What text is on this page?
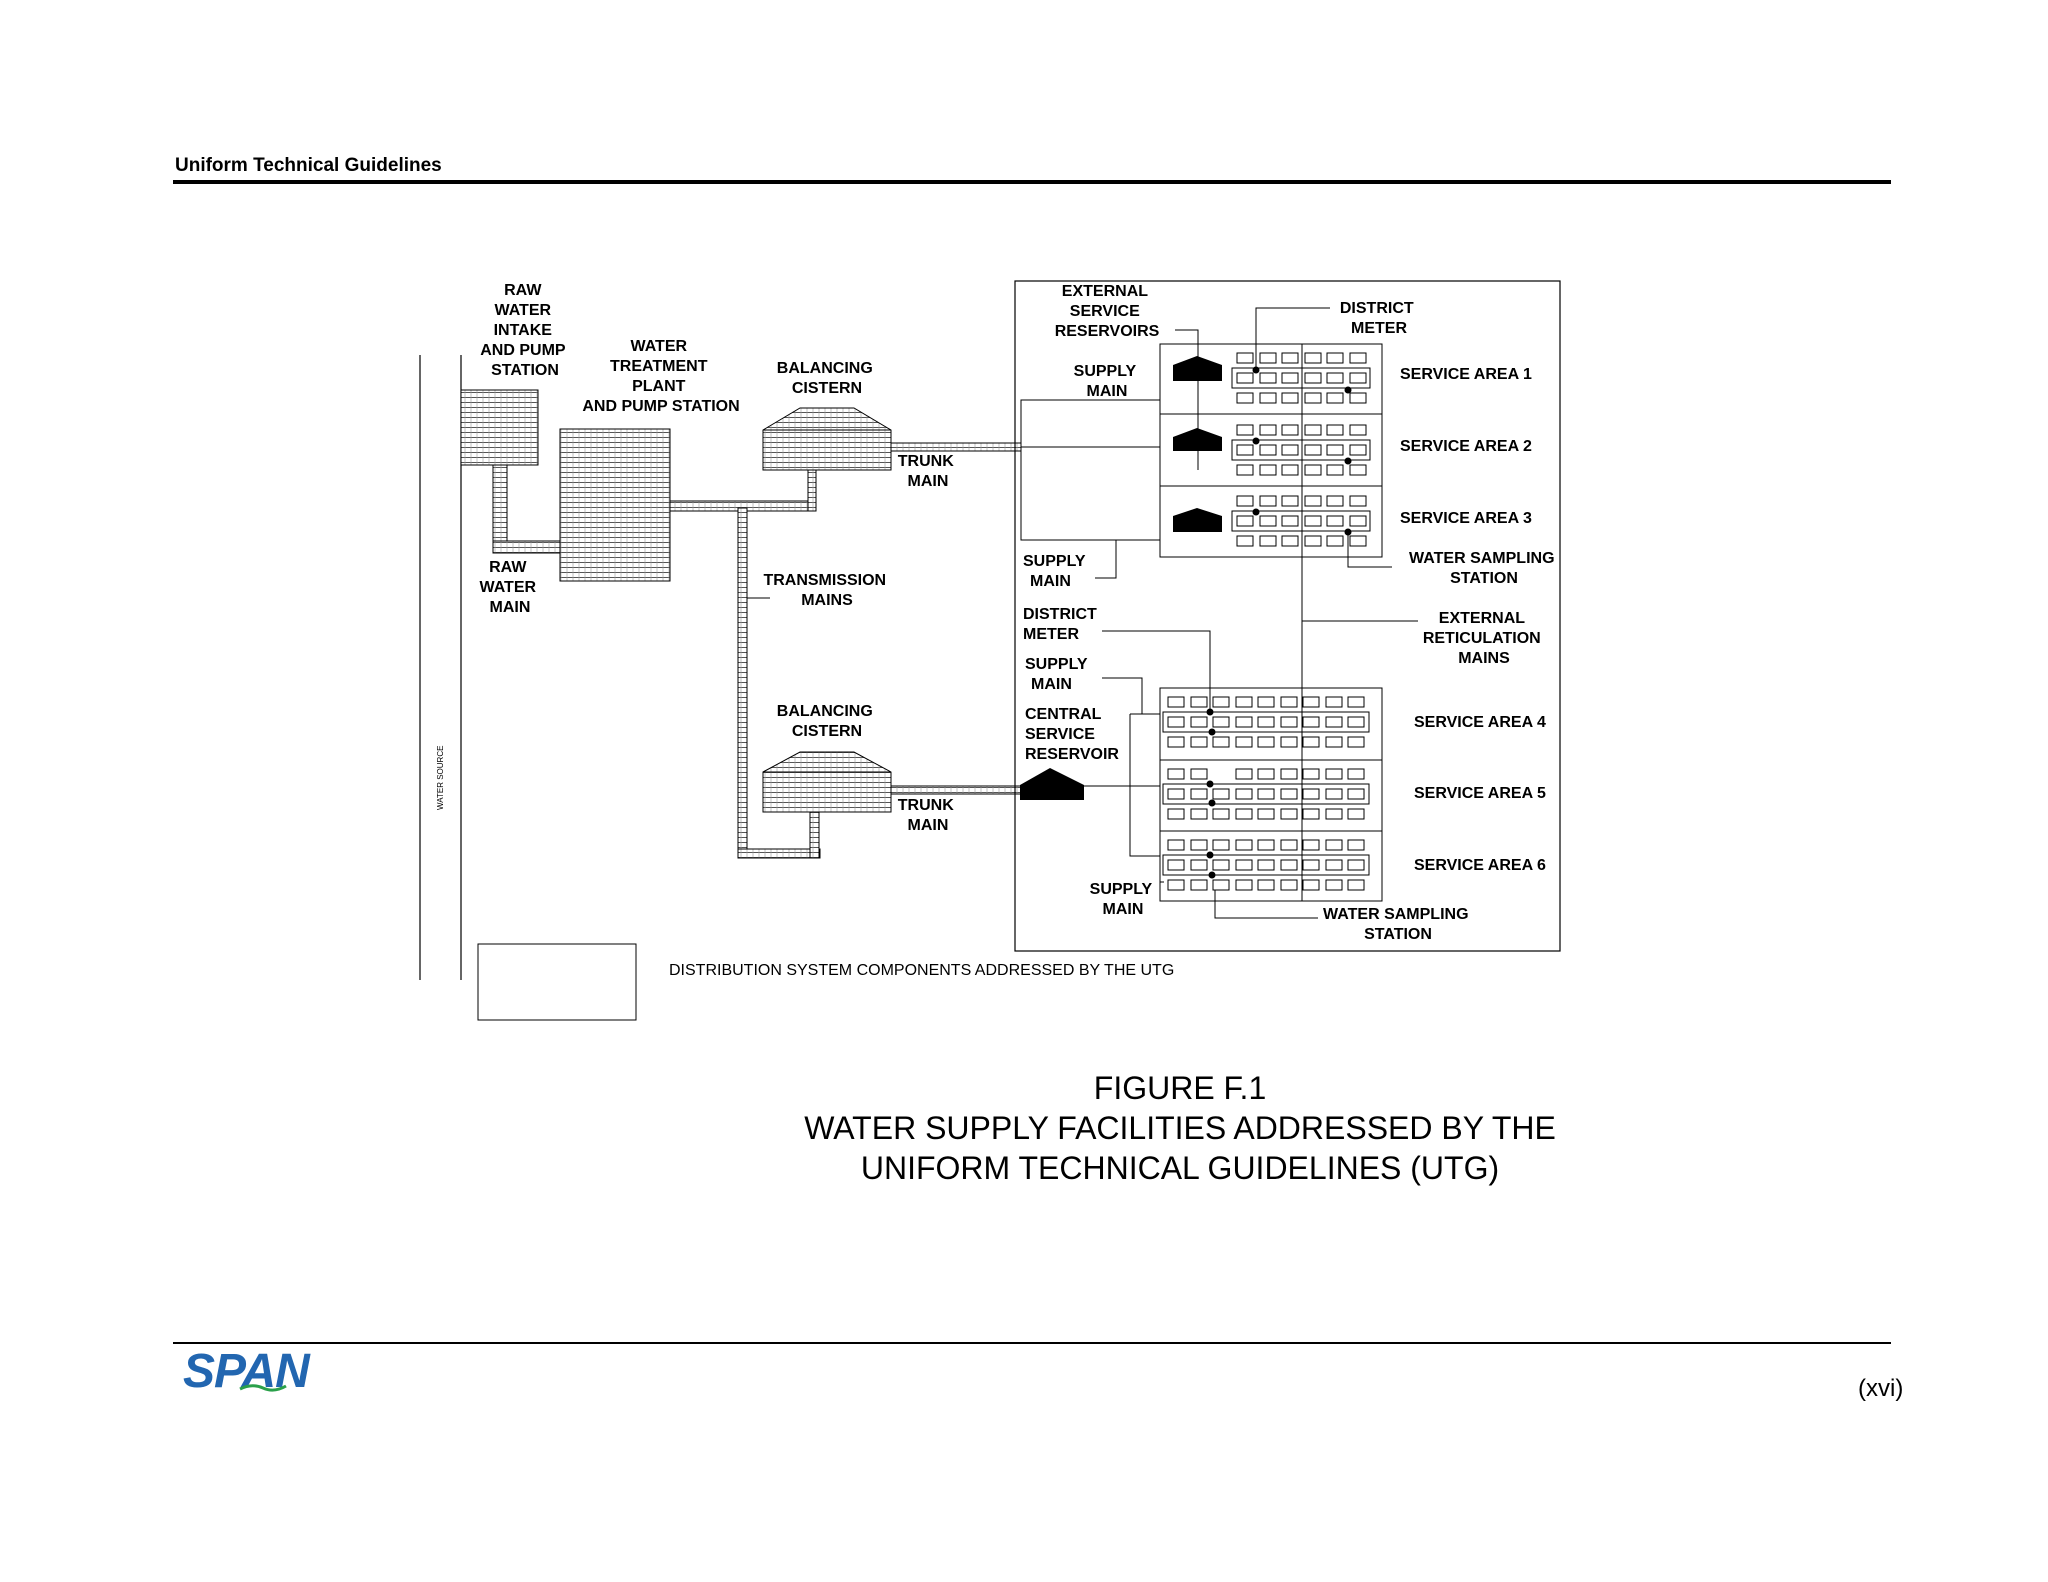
Uniform Technical Guidelines
WATER SOURCE
RAW WATER INTAKE AND PUMP STATION
WATER TREATMENT PLANT AND PUMP STATION
BALANCING CISTERN
TRUNK MAIN
RAW WATER MAIN
TRANSMISSION MAINS
BALANCING CISTERN
TRUNK MAIN
EXTERNAL SERVICE RESERVOIRS
DISTRICT METER
SUPPLY MAIN
SUPPLY MAIN
DISTRICT METER
SUPPLY MAIN
CENTRAL SERVICE RESERVOIR
SUPPLY MAIN
WATER SAMPLING STATION
EXTERNAL RETICULATION MAINS
WATER SAMPLING STATION
SERVICE AREA 1
SERVICE AREA 2
SERVICE AREA 3
SERVICE AREA 4
SERVICE AREA 5
SERVICE AREA 6
DISTRIBUTION SYSTEM COMPONENTS ADDRESSED BY THE UTG
FIGURE F.1
WATER SUPPLY FACILITIES ADDRESSED BY THE
UNIFORM TECHNICAL GUIDELINES (UTG)
SPAN	(xvi)
